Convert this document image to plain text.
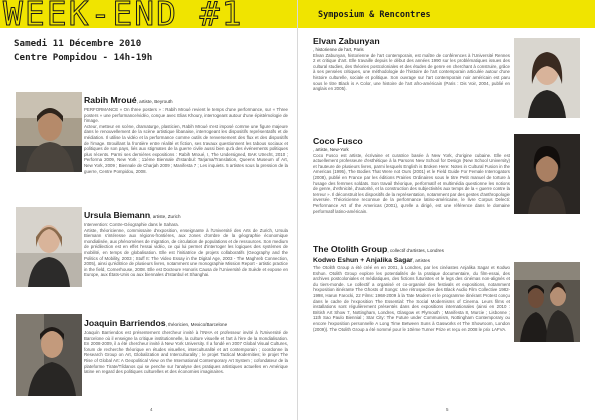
WEEK-END #1	Symposium & Rencontres
Samedi 11 Décembre 2010
Centre Pompidou - 14h-19h
Rabih Mroué, artiste, Beyrouth

PERFORMANCE « On three posters » : Rabih Mroué revient le temps d'une performance, sur « Three posters » une performance/vidéo, conçue avec Elias Khoury, interrogeant autour d'une épistémologie de l'image.

Acteur, metteur en scène, dramaturge, plasticien, Rabih Mroué s'est imposé comme une figure majeure dans le renouvellement de la scène artistique libanaise, interrogeant les dispositifs représentatifs et de médiation. Il utilise la vidéo et la performance comme outils de renversement des flux et des dispositifs de l'image. Brouillant la frontière entre réalité et fiction, ses travaux questionnent les tabous sociaux et politiques de son pays, liés aux stigmates de la guerre civile aussi bien qu'à des événements politiques plus récents. Parmi ses dernières expositions : Rabih Mroué, I, The Undersigned, BAK Utrecht, 2010 ; Performa 2009, New York ; 11ème Biennale d'Istanbul: Tarjama/Translation, Queens Museum of Art, New York, 2009 ; Biennale de Charjah 2009 ; Manifesta 7 ; Les inquiets. 5 artistes sous la pression de la guerre, Centre Pompidou, 2008.

Ursula Biemann, artiste, Zurich

Intervention: Contre-Géographie dans le Sahara.

Artiste, théoricienne, commissaire d'exposition, enseignante à l'Université des Arts de Zurich, Ursula Biemann s'intéresse aux régions-frontières, aux zones d'ombre de la géographie économique mondialisée, aux phénomènes de migration, de circulation de populations et de ressources. Son medium de prédilection est en effet l'essai vidéo, ce qui lui permet d'interroger les logiques des systèmes de mobilité, en temps de globalisation. Elle est l'initiatrice de projets collaboratifs (Geography and the Politics of Mobility, 2003 ; Stuff It: The Video Essay in the Digital Age, 2003 - The Maghreb Connection, 2005), ainsi qu'éditrice de plusieurs livres, notamment une monographie Mission Report - artistic practice in the field, Cornerhouse, 2008. Elle est Docteure Honoris Causa de l'Université de Suède et expose en Europe, aux États-Unis ou aux biennales d'Istanbul et Shanghai.

Joaquin Barriendos, théoricien, Mexico/Barcelone

Joaquín Barriendos est présentement chercheur invité à l'INHA et professeur invité à l'Université de Barcelone où il enseigne la critique institutionnelle, la culture visuelle et l'art à l'ère de la mondialisation. En 2008-2009, il a été chercheur invité à New York University. Il a fondé en 2007 Global Visual Cultures, forum de recherche théorique en études visuelles, interculturalité et art contemporain ; coordonne la Research Group on Art, Globalization and Interculturality ; le projet Tactical Modernities; le projet The Rise of Global Art: A Geopolitical View on the International Contemporary Art System ; cofondateur de la plateforme Tirate/Tíldanos qui se penche sur l'analyse des pratiques artistiques actuelles en Amérique latine en regard des politiques culturelles et des économies imaginaires.

4
Elvan Zabunyan
, historienne de l'art, Paris

Elvan Zabunyan, historienne de l'art contemporain, est maître de conférences à l'Université Rennes 2 et critique d'art. Elle travaille depuis le début des années 1990 sur les problématiques issues des cultural studies, des théories postcoloniales et des études de genre en cherchant à construire, grâce à ses pensées critiques, une méthodologie de l'histoire de l'art contemporain articulée autour d'une histoire culturelle, sociale et politique. Son ouvrage sur l'art contemporain noir américain est paru sous le titre Black is A Color, une histoire de l'art afro-américain (Paris : Dis Voir, 2004, publié en anglais en 2005).

Coco Fusco
, artiste, New-York

Coco Fusco est artiste, écrivaine et curatrice basée à New York, d'origine cubaine. Elle est actuellement professeure d'esthétique à la Parsons New School for Design (New School University) et l'auteure de plusieurs livres, parmi lesquels English is Broken Here: Notes in Cultural Fusion in the Americas (1995), The Bodies That Were not Ours (2001) et le Field Guide For Female Interrogators (2008), publié en France par les éditions Prairies Ordinaires sous le titre Petit manuel de torture à l'usage des femmes soldats. Son travail théorique, performatif et multimédia questionne les notions de genre, d'ethnicité, d'autorité, et la construction des subjectivités aux temps de la « guerre contre la terreur ». Il déconstruit les dispositifs de la représentation, notamment par des gestes d'anthropologie inversée. Théoricienne reconnue de la performance latino-américaine, le livre Corpus Delecti: Performance Art of the Americas (2001), qu'elle a dirigé, est une référence dans le domaine performatif latino-américain.

The Otolith Group, collectif d'artistes, Londres
Kodwo Eshun + Anjalika Sagar, artistes

The Otolith Group a été créé en en 2001, à Londres, par les cinéastes Anjalika Sagar et Kodwo Eshun. Otolith Group explore les potentialités de la pratique documentaire, du film-essai, des archives postcoloniales et médiatiques, des fictions futuristes et le legs des cinémas non-alignés et du tiers-monde. Le collectif a organisé et co-organisé des festivals et expositions, notamment l'exposition itinérante The Ghosts of Songs: Une rétrospective des Black Audio Film Collective 1982-1998, Harun Farocki, 22 Films: 1968-2009 à la Tate Modern et le programme itinérant Protest conçu dans le cadre de l'exposition The Essential: The Social Modernisms of Cinema. Leurs films et installations sont régulièrement présentés dans des expositions internationales (ainsi en 2010 : British Art Show 7, Nottingham, Londres, Glasgow et Plymouth ; Manifesta 8, Murcie ; Lisbonne ; 11th Sao Paulo Biennial ; Star City: The Future under Communism, Nottingham Contemporary ou encore l'exposition personnelle A Long Time Between Suns à Gasworks et The Showroom, London (2009)). The Otolith Group a été nommé pour le 10ème Turner Prize et reçu en 2008 le prix LAFVA.

5
